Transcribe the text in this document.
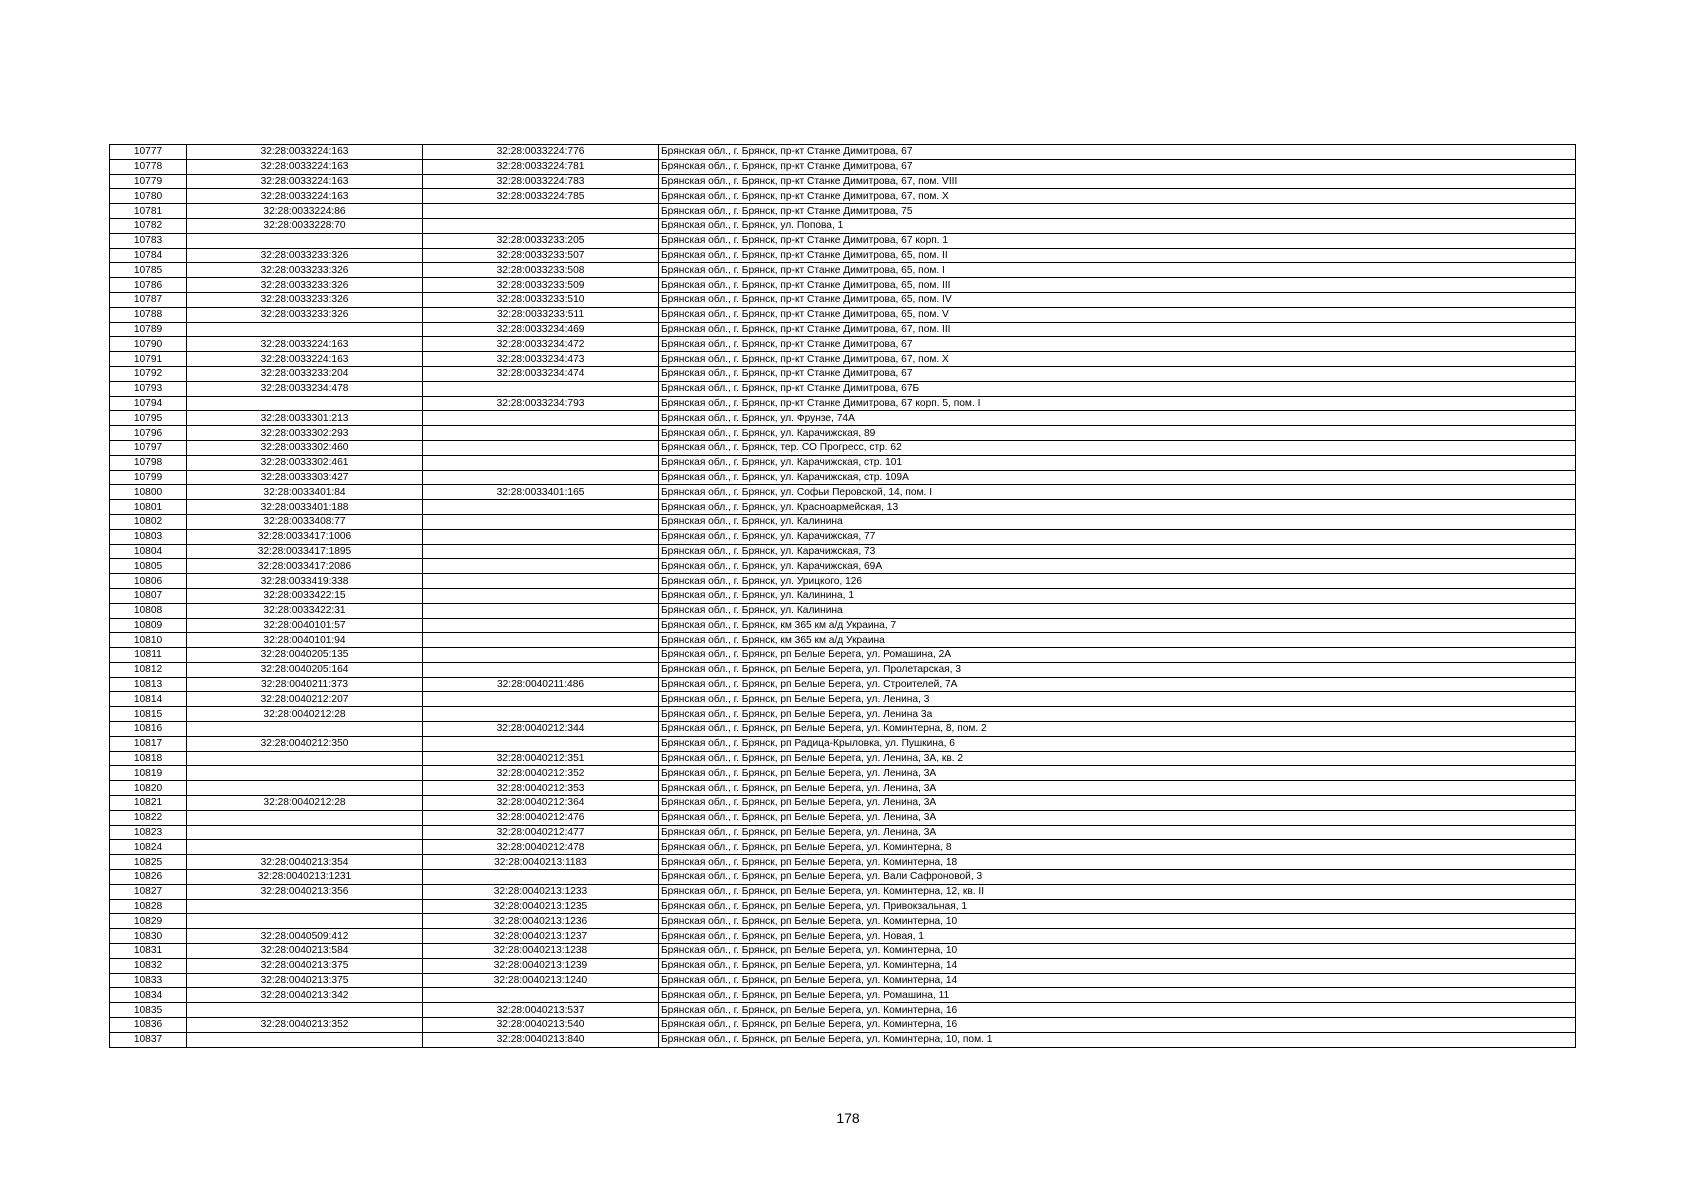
10777	32:28:0033224:163	32:28:0033224:776	Брянская обл., г. Брянск, пр-кт Станке Димитрова, 67
10778	32:28:0033224:163	32:28:0033224:781	Брянская обл., г. Брянск, пр-кт Станке Димитрова, 67
10779	32:28:0033224:163	32:28:0033224:783	Брянская обл., г. Брянск, пр-кт Станке Димитрова, 67, пом. VIII
10780	32:28:0033224:163	32:28:0033224:785	Брянская обл., г. Брянск, пр-кт Станке Димитрова, 67, пом. X
10781	32:28:0033224:86		Брянская обл., г. Брянск, пр-кт Станке Димитрова, 75
10782	32:28:0033228:70		Брянская обл., г. Брянск, ул. Попова, 1
10783		32:28:0033233:205	Брянская обл., г. Брянск, пр-кт Станке Димитрова, 67 корп. 1
10784	32:28:0033233:326	32:28:0033233:507	Брянская обл., г. Брянск, пр-кт Станке Димитрова, 65, пом. II
10785	32:28:0033233:326	32:28:0033233:508	Брянская обл., г. Брянск, пр-кт Станке Димитрова, 65, пом. I
10786	32:28:0033233:326	32:28:0033233:509	Брянская обл., г. Брянск, пр-кт Станке Димитрова, 65, пом. III
10787	32:28:0033233:326	32:28:0033233:510	Брянская обл., г. Брянск, пр-кт Станке Димитрова, 65, пом. IV
10788	32:28:0033233:326	32:28:0033233:511	Брянская обл., г. Брянск, пр-кт Станке Димитрова, 65, пом. V
10789		32:28:0033234:469	Брянская обл., г. Брянск, пр-кт Станке Димитрова, 67, пом. III
10790	32:28:0033224:163	32:28:0033234:472	Брянская обл., г. Брянск, пр-кт Станке Димитрова, 67
10791	32:28:0033224:163	32:28:0033234:473	Брянская обл., г. Брянск, пр-кт Станке Димитрова, 67, пом. X
10792	32:28:0033233:204	32:28:0033234:474	Брянская обл., г. Брянск, пр-кт Станке Димитрова, 67
10793	32:28:0033234:478		Брянская обл., г. Брянск, пр-кт Станке Димитрова, 67Б
10794		32:28:0033234:793	Брянская обл., г. Брянск, пр-кт Станке Димитрова, 67 корп. 5, пом. I
10795	32:28:0033301:213		Брянская обл., г. Брянск, ул. Фрунзе, 74А
10796	32:28:0033302:293		Брянская обл., г. Брянск, ул. Карачижская, 89
10797	32:28:0033302:460		Брянская обл., г. Брянск, тер. СО Прогресс, стр. 62
10798	32:28:0033302:461		Брянская обл., г. Брянск, ул. Карачижская, стр. 101
10799	32:28:0033303:427		Брянская обл., г. Брянск, ул. Карачижская, стр. 109А
10800	32:28:0033401:84	32:28:0033401:165	Брянская обл., г. Брянск, ул. Софьи Перовской, 14, пом. I
10801	32:28:0033401:188		Брянская обл., г. Брянск, ул. Красноармейская, 13
10802	32:28:0033408:77		Брянская обл., г. Брянск, ул. Калинина
10803	32:28:0033417:1006		Брянская обл., г. Брянск, ул. Карачижская, 77
10804	32:28:0033417:1895		Брянская обл., г. Брянск, ул. Карачижская, 73
10805	32:28:0033417:2086		Брянская обл., г. Брянск, ул. Карачижская, 69А
10806	32:28:0033419:338		Брянская обл., г. Брянск, ул. Урицкого, 126
10807	32:28:0033422:15		Брянская обл., г. Брянск, ул. Калинина, 1
10808	32:28:0033422:31		Брянская обл., г. Брянск, ул. Калинина
10809	32:28:0040101:57		Брянская обл., г. Брянск, км 365 км а/д Украина, 7
10810	32:28:0040101:94		Брянская обл., г. Брянск, км 365 км а/д Украина
10811	32:28:0040205:135		Брянская обл., г. Брянск, рп Белые Берега, ул. Ромашина, 2А
10812	32:28:0040205:164		Брянская обл., г. Брянск, рп Белые Берега, ул. Пролетарская, 3
10813	32:28:0040211:373	32:28:0040211:486	Брянская обл., г. Брянск, рп Белые Берега, ул. Строителей, 7А
10814	32:28:0040212:207		Брянская обл., г. Брянск, рп Белые Берега, ул. Ленина, 3
10815	32:28:0040212:28		Брянская обл., г. Брянск, рп Белые Берега, ул. Ленина 3а
10816		32:28:0040212:344	Брянская обл., г. Брянск, рп Белые Берега, ул. Коминтерна, 8, пом. 2
10817	32:28:0040212:350		Брянская обл., г. Брянск, рп Радица-Крыловка, ул. Пушкина, 6
10818		32:28:0040212:351	Брянская обл., г. Брянск, рп Белые Берега, ул. Ленина, 3А, кв. 2
10819		32:28:0040212:352	Брянская обл., г. Брянск, рп Белые Берега, ул. Ленина, 3А
10820		32:28:0040212:353	Брянская обл., г. Брянск, рп Белые Берега, ул. Ленина, 3А
10821	32:28:0040212:28	32:28:0040212:364	Брянская обл., г. Брянск, рп Белые Берега, ул. Ленина, 3А
10822		32:28:0040212:476	Брянская обл., г. Брянск, рп Белые Берега, ул. Ленина, 3А
10823		32:28:0040212:477	Брянская обл., г. Брянск, рп Белые Берега, ул. Ленина, 3А
10824		32:28:0040212:478	Брянская обл., г. Брянск, рп Белые Берега, ул. Коминтерна, 8
10825	32:28:0040213:354	32:28:0040213:1183	Брянская обл., г. Брянск, рп Белые Берега, ул. Коминтерна, 18
10826	32:28:0040213:1231		Брянская обл., г. Брянск, рп Белые Берега, ул. Вали Сафроновой, 3
10827	32:28:0040213:356	32:28:0040213:1233	Брянская обл., г. Брянск, рп Белые Берега, ул. Коминтерна, 12, кв. II
10828		32:28:0040213:1235	Брянская обл., г. Брянск, рп Белые Берега, ул. Привокзальная, 1
10829		32:28:0040213:1236	Брянская обл., г. Брянск, рп Белые Берега, ул. Коминтерна, 10
10830	32:28:0040509:412	32:28:0040213:1237	Брянская обл., г. Брянск, рп Белые Берега, ул. Новая, 1
10831	32:28:0040213:584	32:28:0040213:1238	Брянская обл., г. Брянск, рп Белые Берега, ул. Коминтерна, 10
10832	32:28:0040213:375	32:28:0040213:1239	Брянская обл., г. Брянск, рп Белые Берега, ул. Коминтерна, 14
10833	32:28:0040213:375	32:28:0040213:1240	Брянская обл., г. Брянск, рп Белые Берега, ул. Коминтерна, 14
10834	32:28:0040213:342		Брянская обл., г. Брянск, рп Белые Берега, ул. Ромашина, 11
10835		32:28:0040213:537	Брянская обл., г. Брянск, рп Белые Берега, ул. Коминтерна, 16
10836	32:28:0040213:352	32:28:0040213:540	Брянская обл., г. Брянск, рп Белые Берега, ул. Коминтерна, 16
10837		32:28:0040213:840	Брянская обл., г. Брянск, рп Белые Берега, ул. Коминтерна, 10, пом. 1
178
